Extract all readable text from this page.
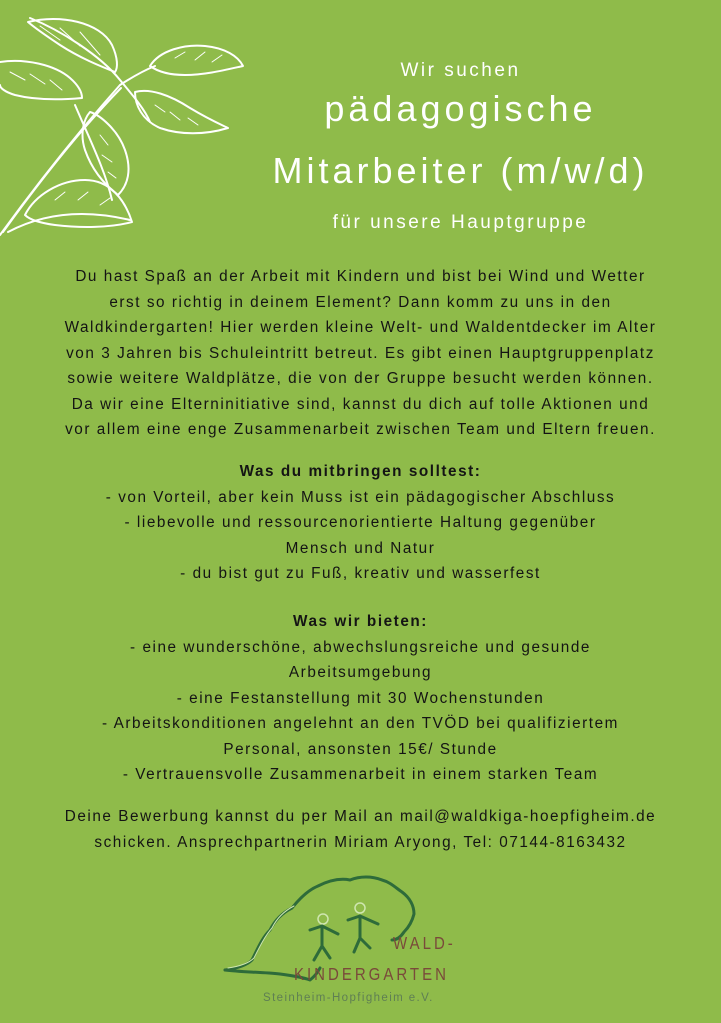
Wir suchen
pädagogische
Mitarbeiter (m/w/d)
für unsere Hauptgruppe
Du hast Spaß an der Arbeit mit Kindern und bist bei Wind und Wetter
erst so richtig in deinem Element? Dann komm zu uns in den
Waldkindergarten! Hier werden kleine Welt- und Waldentdecker im Alter
von 3 Jahren bis Schuleintritt betreut. Es gibt einen Hauptgruppenplatz
sowie weitere Waldplätze, die von der Gruppe besucht werden können.
Da wir eine Elterninitiative sind, kannst du dich auf tolle Aktionen und
vor allem eine enge Zusammenarbeit zwischen Team und Eltern freuen.
Was du mitbringen solltest:
- von Vorteil, aber kein Muss ist ein pädagogischer Abschluss
- liebevolle und ressourcenorientierte Haltung gegenüber
Mensch und Natur
- du bist gut zu Fuß, kreativ und wasserfest
Was wir bieten:
- eine wunderschöne, abwechslungsreiche und gesunde
Arbeitsumgebung
- eine Festanstellung mit 30 Wochenstunden
- Arbeitskonditionen angelehnt an den TVÖD bei qualifiziertem
Personal, ansonsten 15€/ Stunde
- Vertrauensvolle Zusammenarbeit in einem starken Team
Deine Bewerbung kannst du per Mail an mail@waldkiga-hoepfigheim.de
schicken. Ansprechpartnerin Miriam Aryong, Tel: 07144-8163432
WALD-
KINDERGARTEN
Steinheim-Hopfigheim e.V.
